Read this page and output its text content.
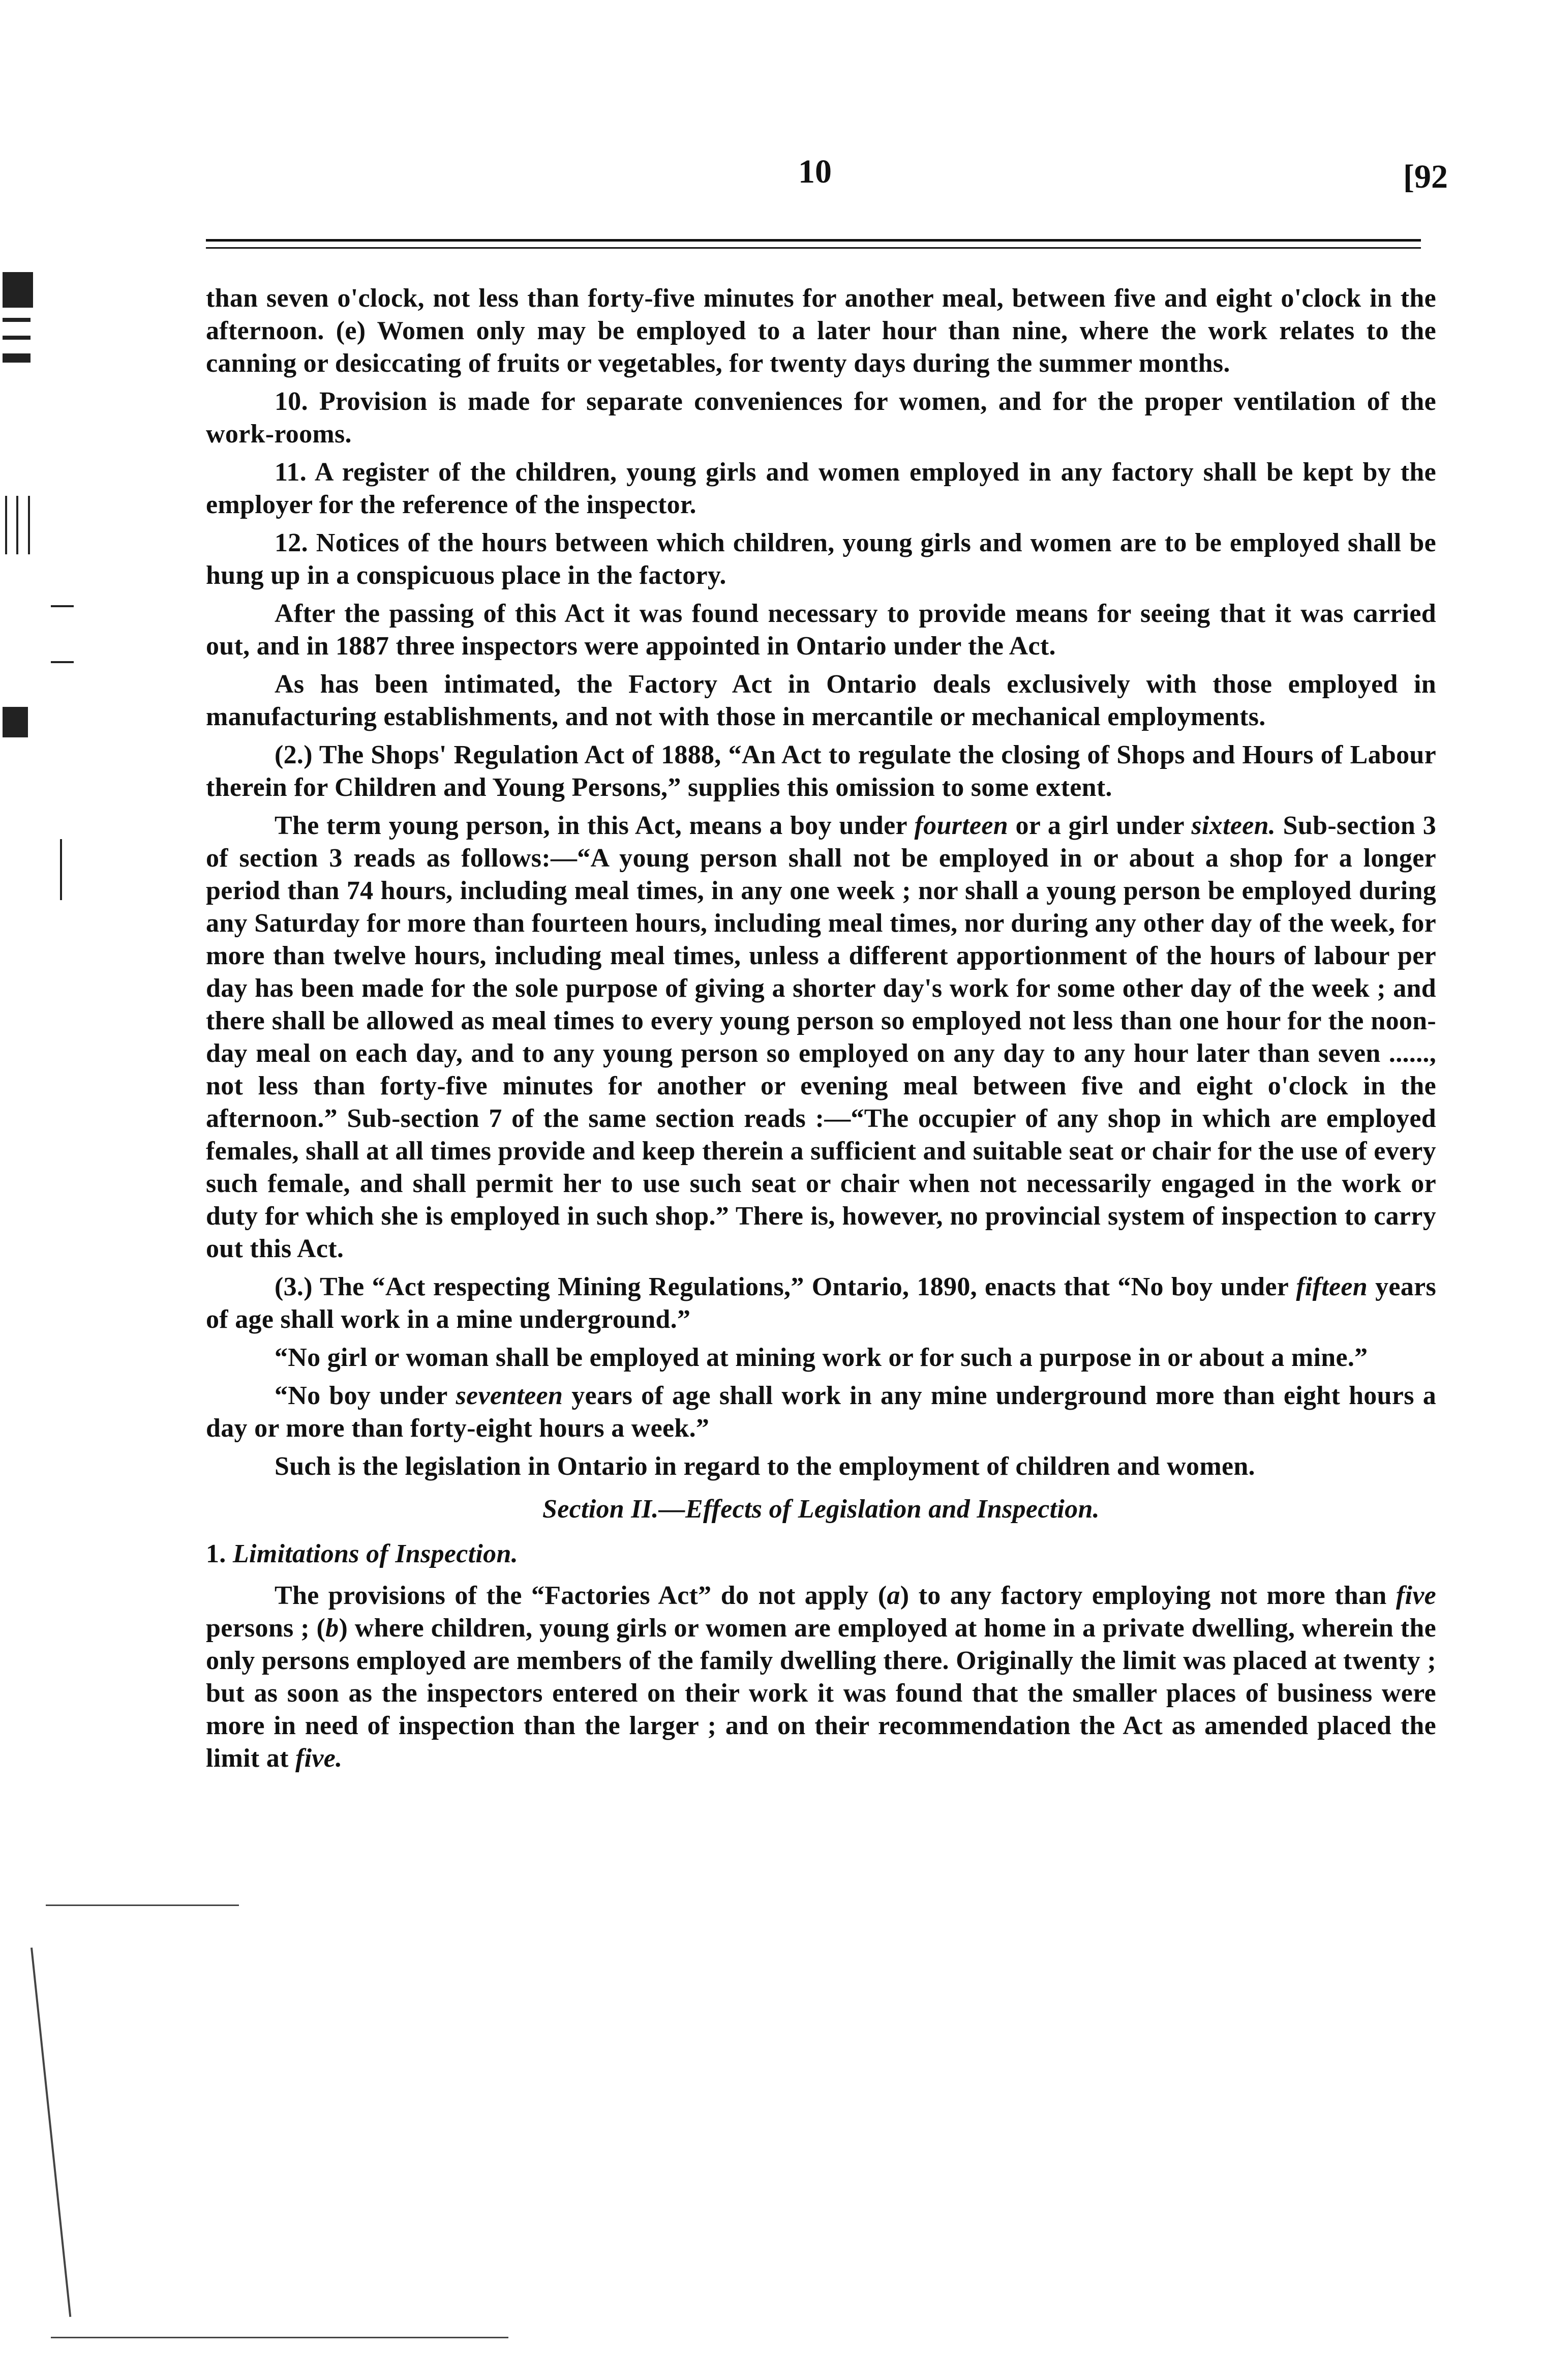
10	[92

than seven o'clock, not less than forty-five minutes for another meal, between five and eight o'clock in the afternoon. (e) Women only may be employed to a later hour than nine, where the work relates to the canning or desiccating of fruits or vegetables, for twenty days during the summer months.

10. Provision is made for separate conveniences for women, and for the proper ventilation of the work-rooms.

11. A register of the children, young girls and women employed in any factory shall be kept by the employer for the reference of the inspector.

12. Notices of the hours between which children, young girls and women are to be employed shall be hung up in a conspicuous place in the factory.

After the passing of this Act it was found necessary to provide means for seeing that it was carried out, and in 1887 three inspectors were appointed in Ontario under the Act.

As has been intimated, the Factory Act in Ontario deals exclusively with those employed in manufacturing establishments, and not with those in mercantile or mechanical employments.

(2.) The Shops' Regulation Act of 1888, “An Act to regulate the closing of Shops and Hours of Labour therein for Children and Young Persons,” supplies this omission to some extent.

The term young person, in this Act, means a boy under fourteen or a girl under sixteen. Sub-section 3 of section 3 reads as follows:—“A young person shall not be employed in or about a shop for a longer period than 74 hours, including meal times, in any one week ; nor shall a young person be employed during any Saturday for more than fourteen hours, including meal times, nor during any other day of the week, for more than twelve hours, including meal times, unless a different apportionment of the hours of labour per day has been made for the sole purpose of giving a shorter day's work for some other day of the week ; and there shall be allowed as meal times to every young person so employed not less than one hour for the noon-day meal on each day, and to any young person so employed on any day to any hour later than seven ......, not less than forty-five minutes for another or evening meal between five and eight o'clock in the afternoon.” Sub-section 7 of the same section reads :—“The occupier of any shop in which are employed females, shall at all times provide and keep therein a sufficient and suitable seat or chair for the use of every such female, and shall permit her to use such seat or chair when not necessarily engaged in the work or duty for which she is employed in such shop.” There is, however, no provincial system of inspection to carry out this Act.

(3.) The “Act respecting Mining Regulations,” Ontario, 1890, enacts that “No boy under fifteen years of age shall work in a mine underground.”

“No girl or woman shall be employed at mining work or for such a purpose in or about a mine.”

“No boy under seventeen years of age shall work in any mine underground more than eight hours a day or more than forty-eight hours a week.”

Such is the legislation in Ontario in regard to the employment of children and women.

Section II.—Effects of Legislation and Inspection.

1. Limitations of Inspection.

The provisions of the “Factories Act” do not apply (a) to any factory employing not more than five persons ; (b) where children, young girls or women are employed at home in a private dwelling, wherein the only persons employed are members of the family dwelling there. Originally the limit was placed at twenty ; but as soon as the inspectors entered on their work it was found that the smaller places of business were more in need of inspection than the larger ; and on their recommendation the Act as amended placed the limit at five.
